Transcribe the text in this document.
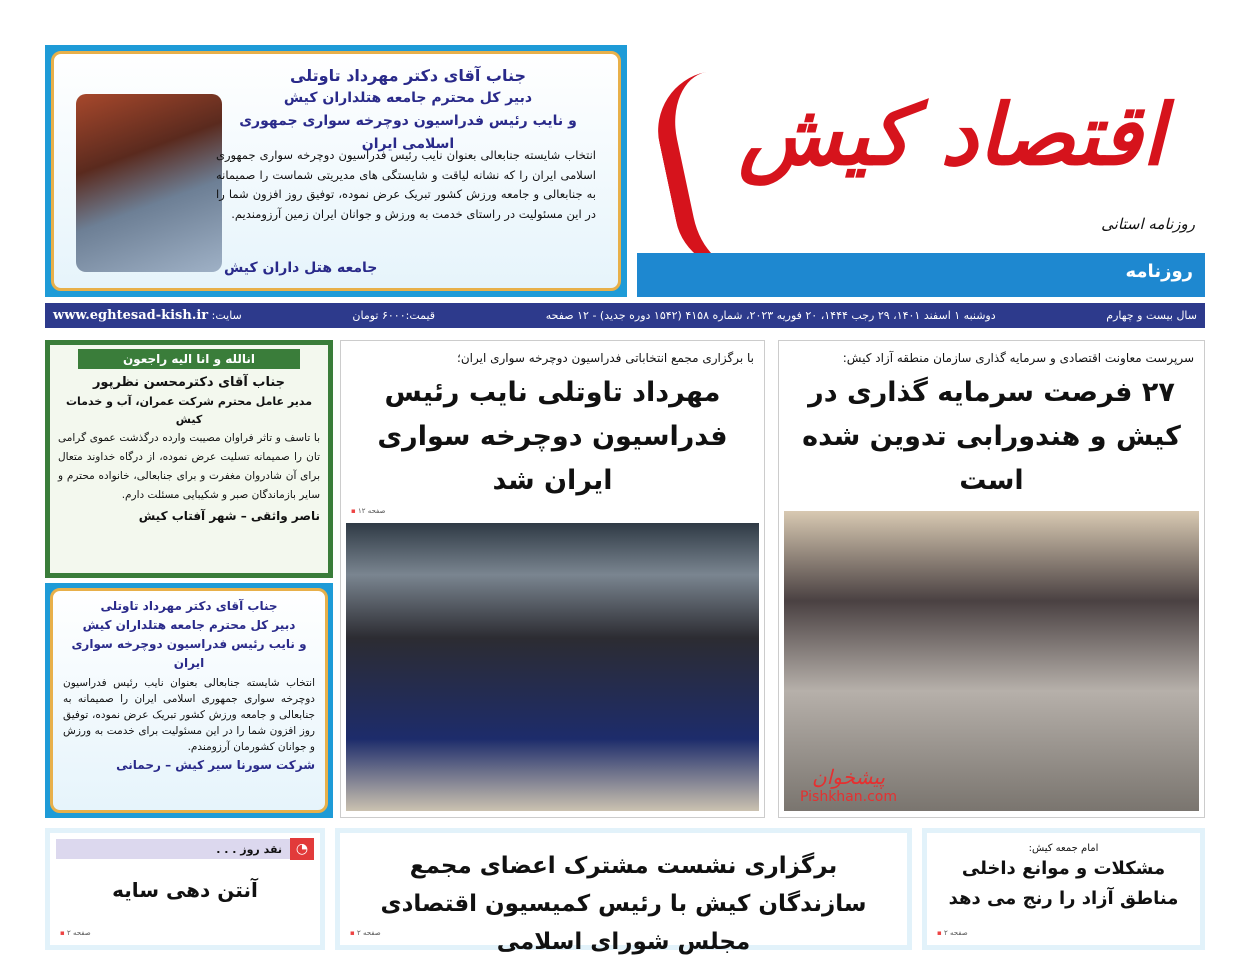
جناب آقای دکتر مهرداد تاوتلی
دبیر کل محترم جامعه هتلداران کیش
و نایب رئیس فدراسیون دوچرخه سواری جمهوری اسلامی ایران
انتخاب شایسته جنابعالی بعنوان نایب رئیس فدراسیون دوچرخه سواری جمهوری اسلامی ایران را که نشانه لیاقت و شایستگی های مدیریتی شماست را صمیمانه به جنابعالی و جامعه ورزش کشور تبریک عرض نموده، توفیق روز افزون شما را در این مسئولیت در راستای خدمت به ورزش و جوانان ایران زمین آرزومندیم.
جامعه هتل داران کیش
اقتصاد کیش
روزنامه استانی
روزنامه
سال بیست و چهارم
دوشنبه ۱ اسفند ۱۴۰۱، ۲۹ رجب ۱۴۴۴، ۲۰ فوریه ۲۰۲۳، شماره ۴۱۵۸ (۱۵۴۲ دوره جدید) - ۱۲ صفحه
قیمت:۶۰۰۰ تومان
سایت: www.eghtesad-kish.ir
انالله و انا الیه راجعون
جناب آقای دکترمحسن نظرپور
مدیر عامل محترم شرکت عمران، آب و خدمات کیش
با تاسف و تاثر فراوان مصیبت وارده درگذشت عموی گرامی تان را صمیمانه تسلیت عرض نموده، از درگاه خداوند متعال برای آن شادروان مغفرت و برای جنابعالی، خانواده محترم و سایر بازماندگان صبر و شکیبایی مسئلت دارم.
ناصر واثقی – شهر آفتاب کیش
جناب آقای دکتر مهرداد تاوتلی
دبیر کل محترم جامعه هتلداران کیش
و نایب رئیس فدراسیون دوچرخه سواری ایران
انتخاب شایسته جنابعالی بعنوان نایب رئیس فدراسیون دوچرخه سواری جمهوری اسلامی ایران را صمیمانه به جنابعالی و جامعه ورزش کشور تبریک عرض نموده، توفیق روز افزون شما را در این مسئولیت برای خدمت به ورزش و جوانان کشورمان آرزومندم.
شرکت سورنا سیر کیش – رحمانی
با برگزاری مجمع انتخاباتی فدراسیون دوچرخه سواری ایران؛
مهرداد تاوتلی نایب رئیس فدراسیون دوچرخه سواری ایران شد
صفحه ۱۲ ▪
سرپرست معاونت اقتصادی و سرمایه گذاری سازمان منطقه آزاد کیش:
۲۷ فرصت سرمایه گذاری در کیش و هندورابی تدوین شده است
پیشخوان
Pishkhan.com
◔
نقد روز . . .
آنتن دهی سایه
صفحه ۲ ▪
برگزاری نشست مشترک اعضای مجمع سازندگان کیش با رئیس کمیسیون اقتصادی مجلس شورای اسلامی
صفحه ۲ ▪
امام جمعه کیش:
مشکلات و موانع داخلی مناطق آزاد را رنج می دهد
صفحه ۲ ▪
